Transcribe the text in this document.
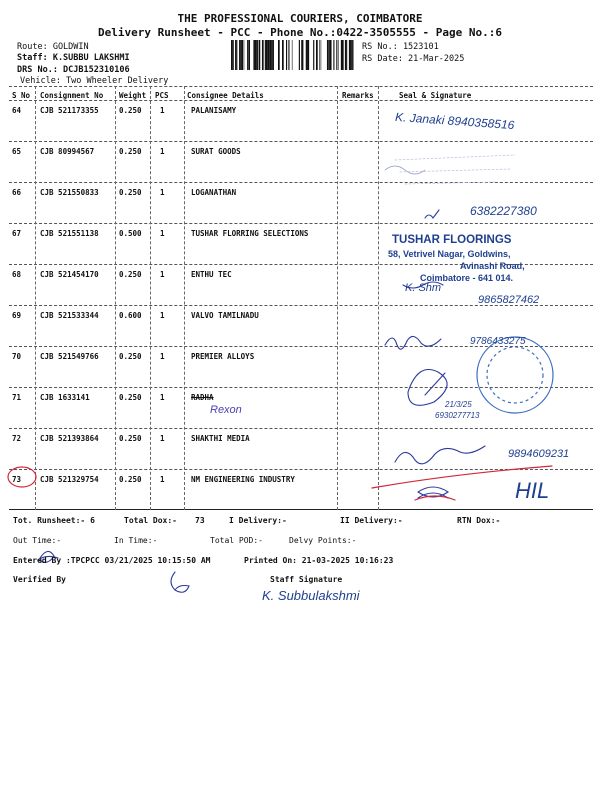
THE PROFESSIONAL COURIERS, COIMBATORE
Delivery Runsheet - PCC - Phone No.:0422-3505555 - Page No.:6
Route: GOLDWIN
Staff: K.SUBBU LAKSHMI
DRS No.: DCJB152310106
Vehicle: Two Wheeler Delivery
RS No.: 1523101
RS Date: 21-Mar-2025
S No Consignment No Weight PCS Consignee Details	Remarks	Seal & Signature
64	CJB 521173355	0.250 1	PALANISAMY
65	CJB 80994567	0.250 1	SURAT GOODS
66	CJB 521550833	0.250 1	LOGANATHAN
67	CJB 521551138	0.500 1	TUSHAR FLORRING SELECTIONS
68	CJB 521454170	0.250 1	ENTHU TEC
69	CJB 521533344	0.600 1	VALVO TAMILNADU
70	CJB 521549766	0.250 1	PREMIER ALLOYS
71	CJB 1633141	0.250 1	RADHA
72	CJB 521393864	0.250 1	SHAKTHI MEDIA
73	CJB 521329754	0.250 1	NM ENGINEERING INDUSTRY
K. Janaki 8940358516
6382227380
TUSHAR FLOORINGS
58, Vetrivel Nagar, Goldwins,
Avinashi Road,
Coimbatore - 641 014.
K. Shm
9865827462
9786433275
Rexon	21/3/25
6930277713
9894609231
HIL
Tot. Runsheet:- 6	Total Dox:- 73	I Delivery:-	II Delivery:-	RTN Dox:-
Out Time:-	In Time:-	Total POD:-	Delvy Points:-
Entered By :TPCPCC 03/21/2025 10:15:50 AM	Printed On: 21-03-2025 10:16:23
Verified By	Staff Signature
K. Subbulakshmi
